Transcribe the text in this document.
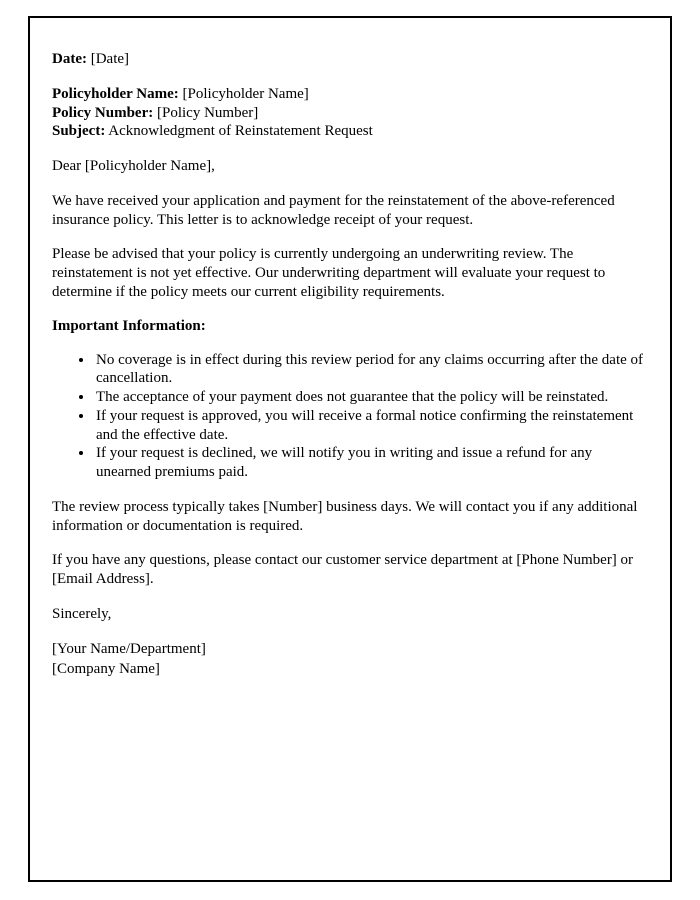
Date: [Date]

Policyholder Name: [Policyholder Name]

Policy Number: [Policy Number]

Subject: Acknowledgment of Reinstatement Request

Dear [Policyholder Name],

We have received your application and payment for the reinstatement of the above-referenced insurance policy. This letter is to acknowledge receipt of your request.

Please be advised that your policy is currently undergoing an underwriting review. The reinstatement is not yet effective. Our underwriting department will evaluate your request to determine if the policy meets our current eligibility requirements.

Important Information:

• No coverage is in effect during this review period for any claims occurring after the date of cancellation.
• The acceptance of your payment does not guarantee that the policy will be reinstated.
• If your request is approved, you will receive a formal notice confirming the reinstatement and the effective date.
• If your request is declined, we will notify you in writing and issue a refund for any unearned premiums paid.

The review process typically takes [Number] business days. We will contact you if any additional information or documentation is required.

If you have any questions, please contact our customer service department at [Phone Number] or [Email Address].

Sincerely,

[Your Name/Department]

[Company Name]
